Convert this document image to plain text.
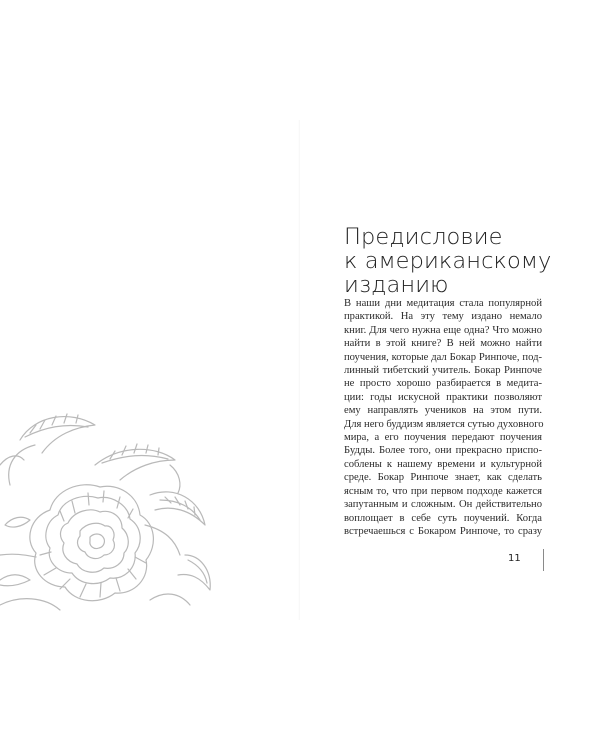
Предисловие
к американскому
изданию
В наши дни медитация стала популярной
практикой. На эту тему издано немало
книг. Для чего нужна еще одна? Что можно
найти в этой книге? В ней можно найти
поучения, которые дал Бокар Ринпоче, под-
линный тибетский учитель. Бокар Ринпоче
не просто хорошо разбирается в медита-
ции: годы искусной практики позволяют
ему направлять учеников на этом пути.
Для него буддизм является сутью духовного
мира, а его поучения передают поучения
Будды. Более того, они прекрасно приспо-
соблены к нашему времени и культурной
среде. Бокар Ринпоче знает, как сделать
ясным то, что при первом подходе кажется
запутанным и сложным. Он действительно
воплощает в себе суть поучений. Когда
встречаешься с Бокаром Ринпоче, то сразу
11
